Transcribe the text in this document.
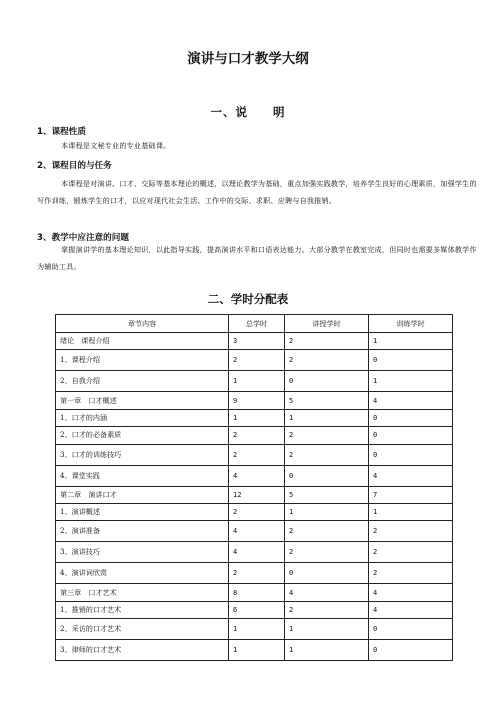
演讲与口才教学大纲
一、说　　明
1、课程性质
本课程是文秘专业的专业基础课。
2、课程目的与任务
本课程是对演讲、口才、交际等基本理论的概述，以理论教学为基础，重点加强实践教学，培养学生良好的心理素质，加强学生的写作训练，锻炼学生的口才，以应对现代社会生活、工作中的交际、求职、应聘与自我推销。
3、教学中应注意的问题
掌握演讲学的基本理论知识，以此指导实践，提高演讲水平和口语表达能力。大部分教学在教室完成，但同时也需要多媒体教学作为辅助工具。
二、学时分配表
章节内容	总学时	讲授学时	训练学时
绪论　课程介绍	3	2	1
1、课程介绍	2	2	0
2、自我介绍	1	0	1
第一章　口才概述	9	5	4
1、口才的内涵	1	1	0
2、口才的必备素质	2	2	0
3、口才的训练技巧	2	2	0
4、课堂实践	4	0	4
第二章　演讲口才	12	5	7
1、演讲概述	2	1	1
2、演讲准备	4	2	2
3、演讲技巧	4	2	2
4、演讲词欣赏	2	0	2
第三章　口才艺术	8	4	4
1、推销的口才艺术	6	2	4
2、采访的口才艺术	1	1	0
3、律师的口才艺术	1	1	0
